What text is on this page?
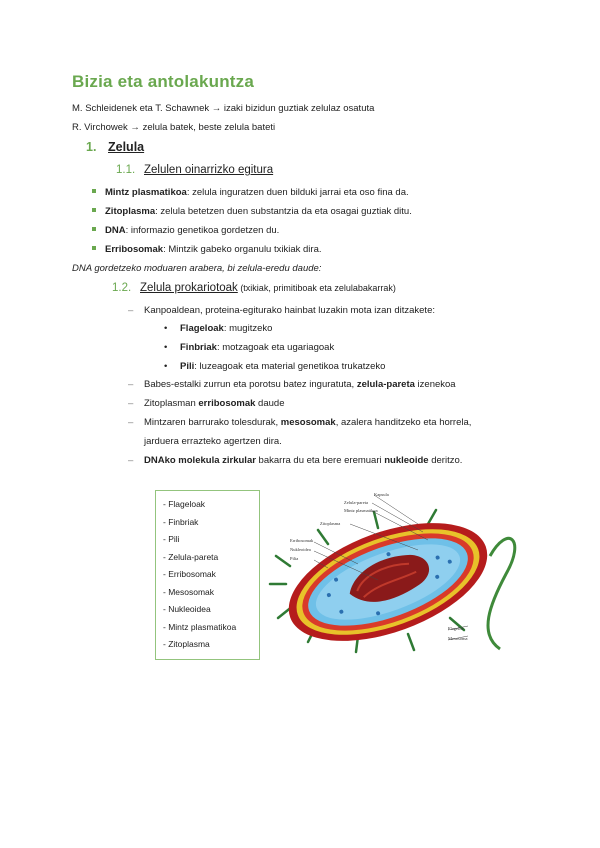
Bizia eta antolakuntza
M. Schleidenek eta T. Schawnek → izaki bizidun guztiak zelulaz osatuta
R. Virchowek → zelula batek, beste zelula bateti
1. Zelula
1.1. Zelulen oinarrizko egitura
Mintz plasmatikoa: zelula inguratzen duen bilduki jarrai eta oso fina da.
Zitoplasma: zelula betetzen duen substantzia da eta osagai guztiak ditu.
DNA: informazio genetikoa gordetzen du.
Erribosomak: Mintzik gabeko organulu txikiak dira.
DNA gordetzeko moduaren arabera, bi zelula-eredu daude:
1.2. Zelula prokariotoak (txikiak, primitiboak eta zelulabakarrak)
– Kanpoaldean, proteina-egiturako hainbat luzakin mota izan ditzakete:
• Flageloak: mugitzeko
• Finbriak: motzagoak eta ugariagoak
• Pili: luzeagoak eta material genetikoa trukatzeko
– Babes-estalki zurrun eta porotsu batez inguratuta, zelula-pareta izenekoa
– Zitoplasman erribosomak daude
– Mintzaren barrurako tolesdurak, mesosomak, azalera handitzeko eta horrela,
jarduera errazteko agertzen dira.
– DNAko molekula zirkular bakarra du eta bere eremuari nukleoide deritzo.
- Flageloak
- Finbriak
- Pili
- Zelula-pareta
- Erribosomak
- Mesosomak
- Nukleoidea
- Mintz plasmatikoa
- Zitoplasma
Kapsula
Zelula-pareta
Mintz plasmatikoa
Zitoplasma
Erribosomak
Nukleoidea
Pilia
Flageloa
Mesosoma
